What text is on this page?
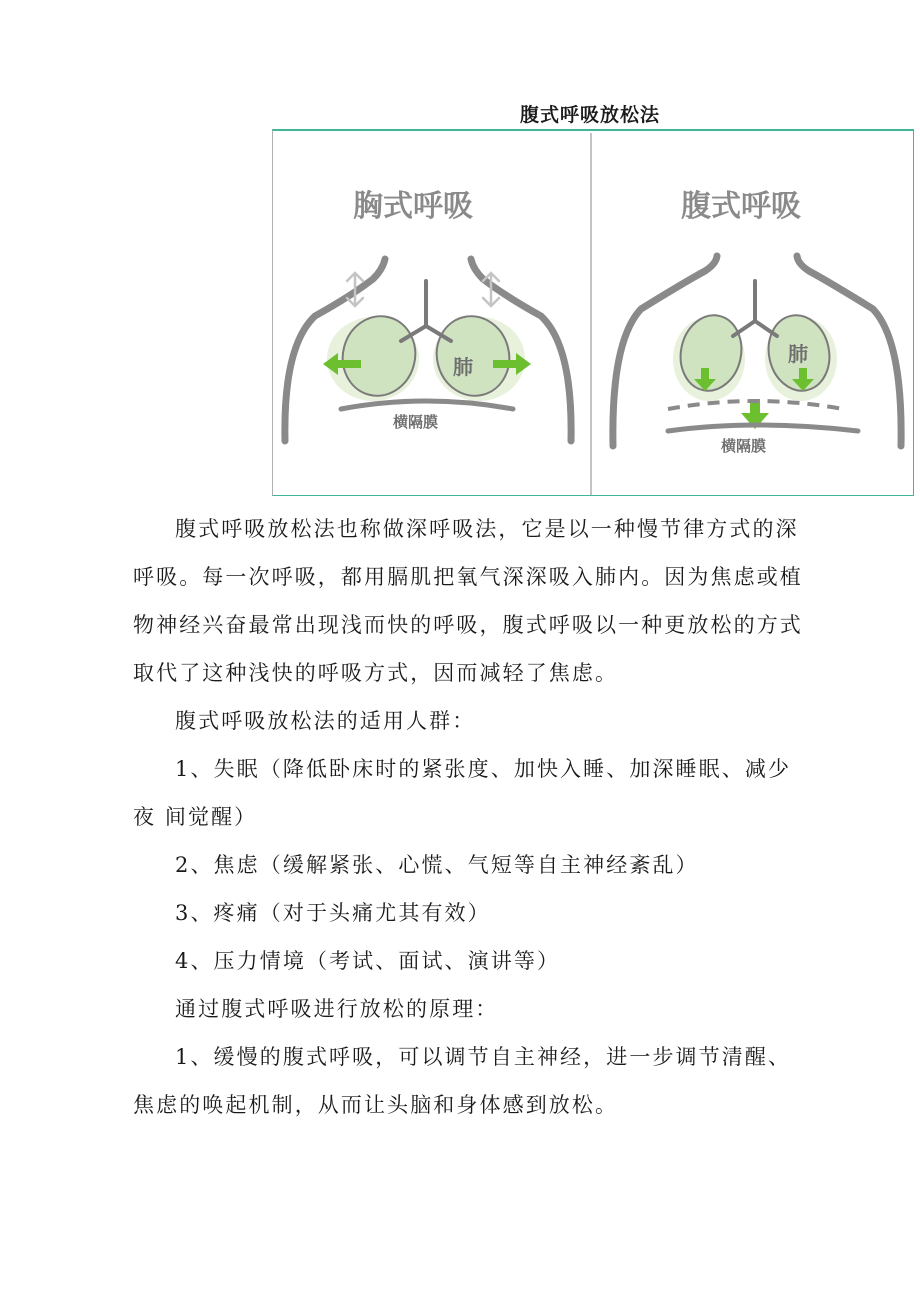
腹式呼吸放松法
胸式呼吸
肺
横隔膜
腹式呼吸
肺
横隔膜

腹式呼吸放松法也称做深呼吸法，它是以一种慢节律方式的深呼吸。每一次呼吸，都用膈肌把氧气深深吸入肺内。因为焦虑或植物神经兴奋最常出现浅而快的呼吸，腹式呼吸以一种更放松的方式取代了这种浅快的呼吸方式，因而减轻了焦虑。

腹式呼吸放松法的适用人群：

1、失眠（降低卧床时的紧张度、加快入睡、加深睡眠、减少夜 间觉醒）

2、焦虑（缓解紧张、心慌、气短等自主神经紊乱）

3、疼痛（对于头痛尤其有效）

4、压力情境（考试、面试、演讲等）

通过腹式呼吸进行放松的原理：

1、缓慢的腹式呼吸，可以调节自主神经，进一步调节清醒、焦虑的唤起机制，从而让头脑和身体感到放松。
